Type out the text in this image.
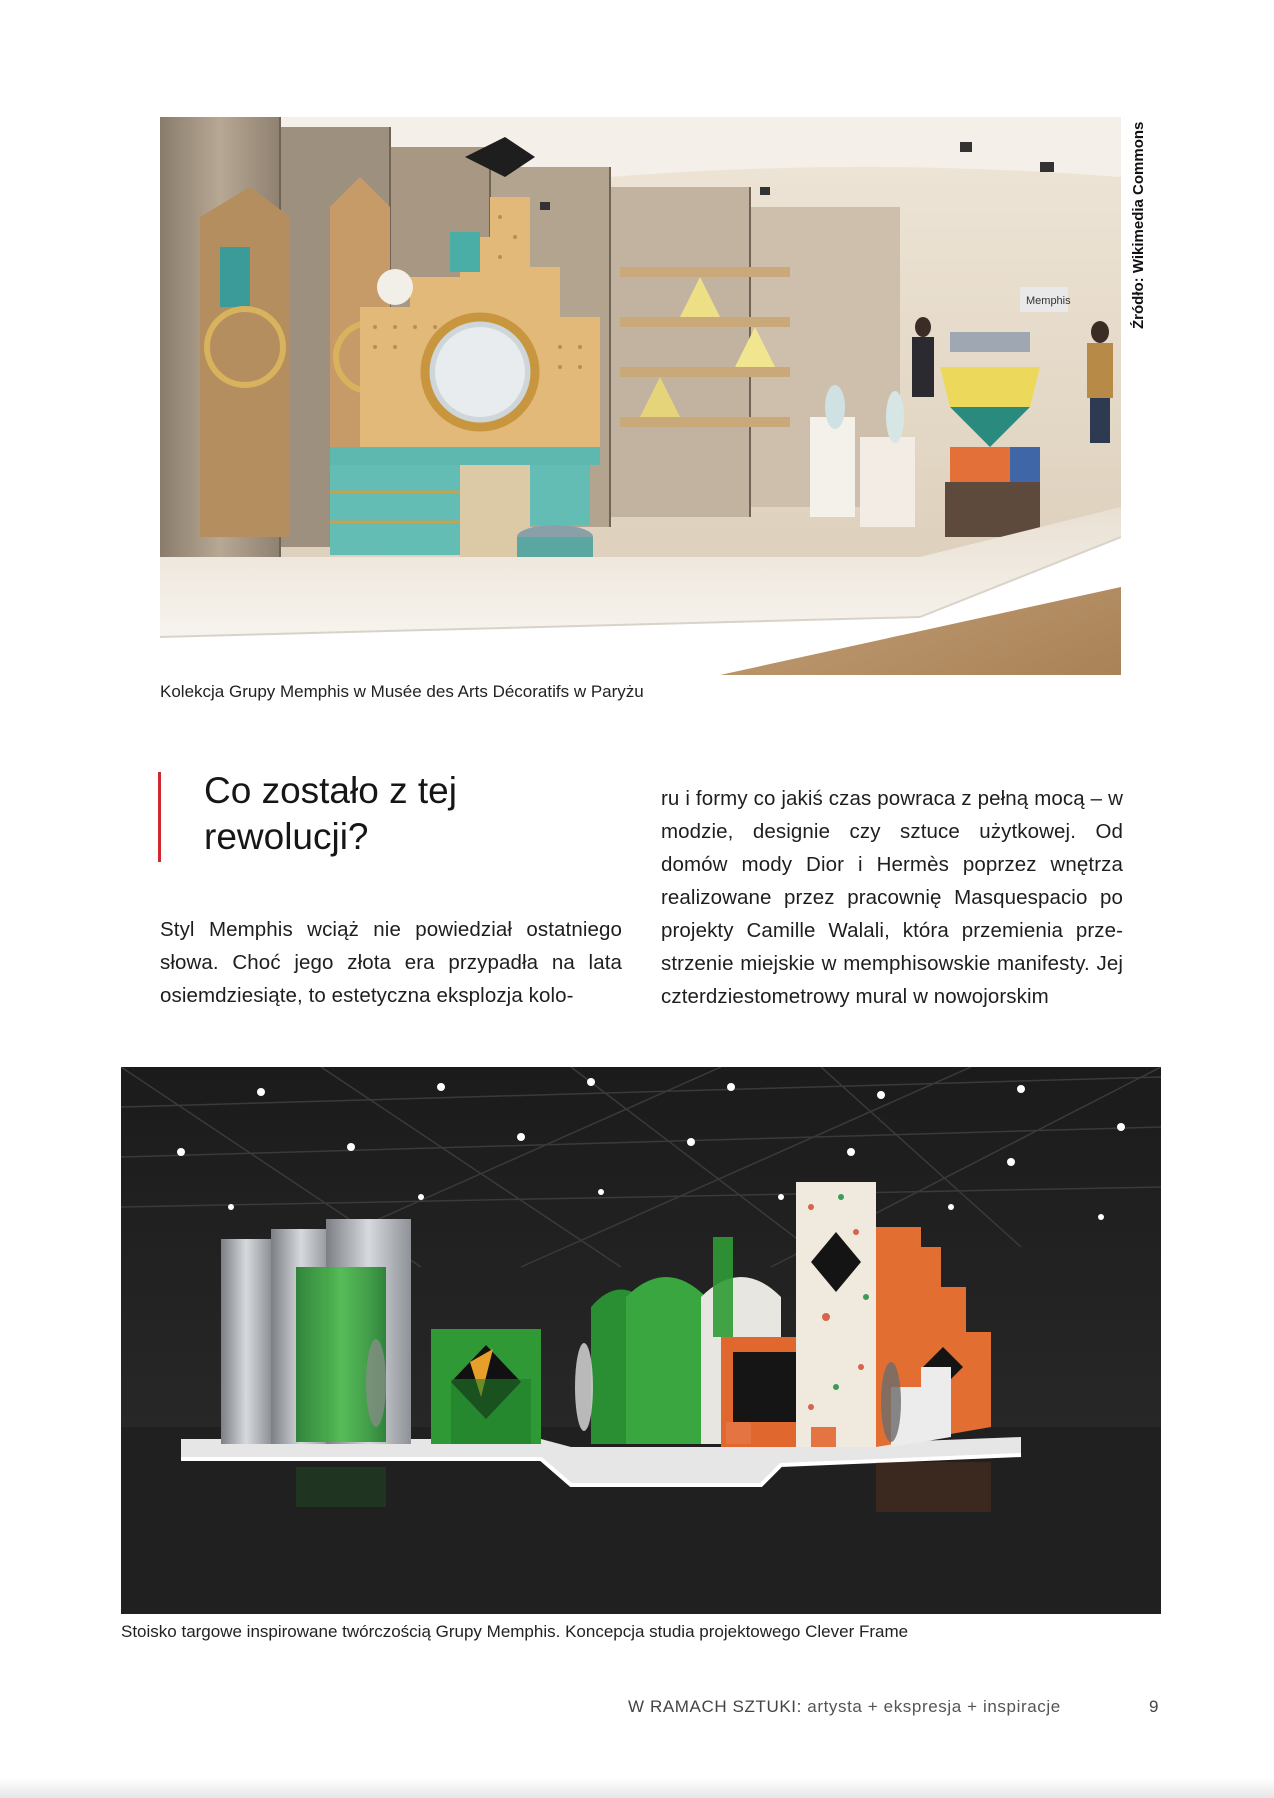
Memphis	Źródło: Wikimedia Commons
Kolekcja Grupy Memphis w Musée des Arts Décoratifs w Paryżu
Co zostało z tej
rewolucji?
Styl Memphis wciąż nie powiedział ostatniego słowa. Choć jego złota era przypadła na lata osiemdziesiąte, to estetyczna eksplozja kolo-
ru i formy co jakiś czas powraca z pełną mocą – w modzie, designie czy sztuce użytkowej. Od domów mody Dior i Hermès poprzez wnętrza realizowane przez pracownię Masquespacio po projekty Camille Walali, która przemienia przestrzenie miejskie w memphisowskie manifesty. Jej czterdziestometrowy mural w nowojorskim
Stoisko targowe inspirowane twórczością Grupy Memphis. Koncepcja studia projektowego Clever Frame
W RAMACH SZTUKI: artysta + ekspresja + inspiracje	9
